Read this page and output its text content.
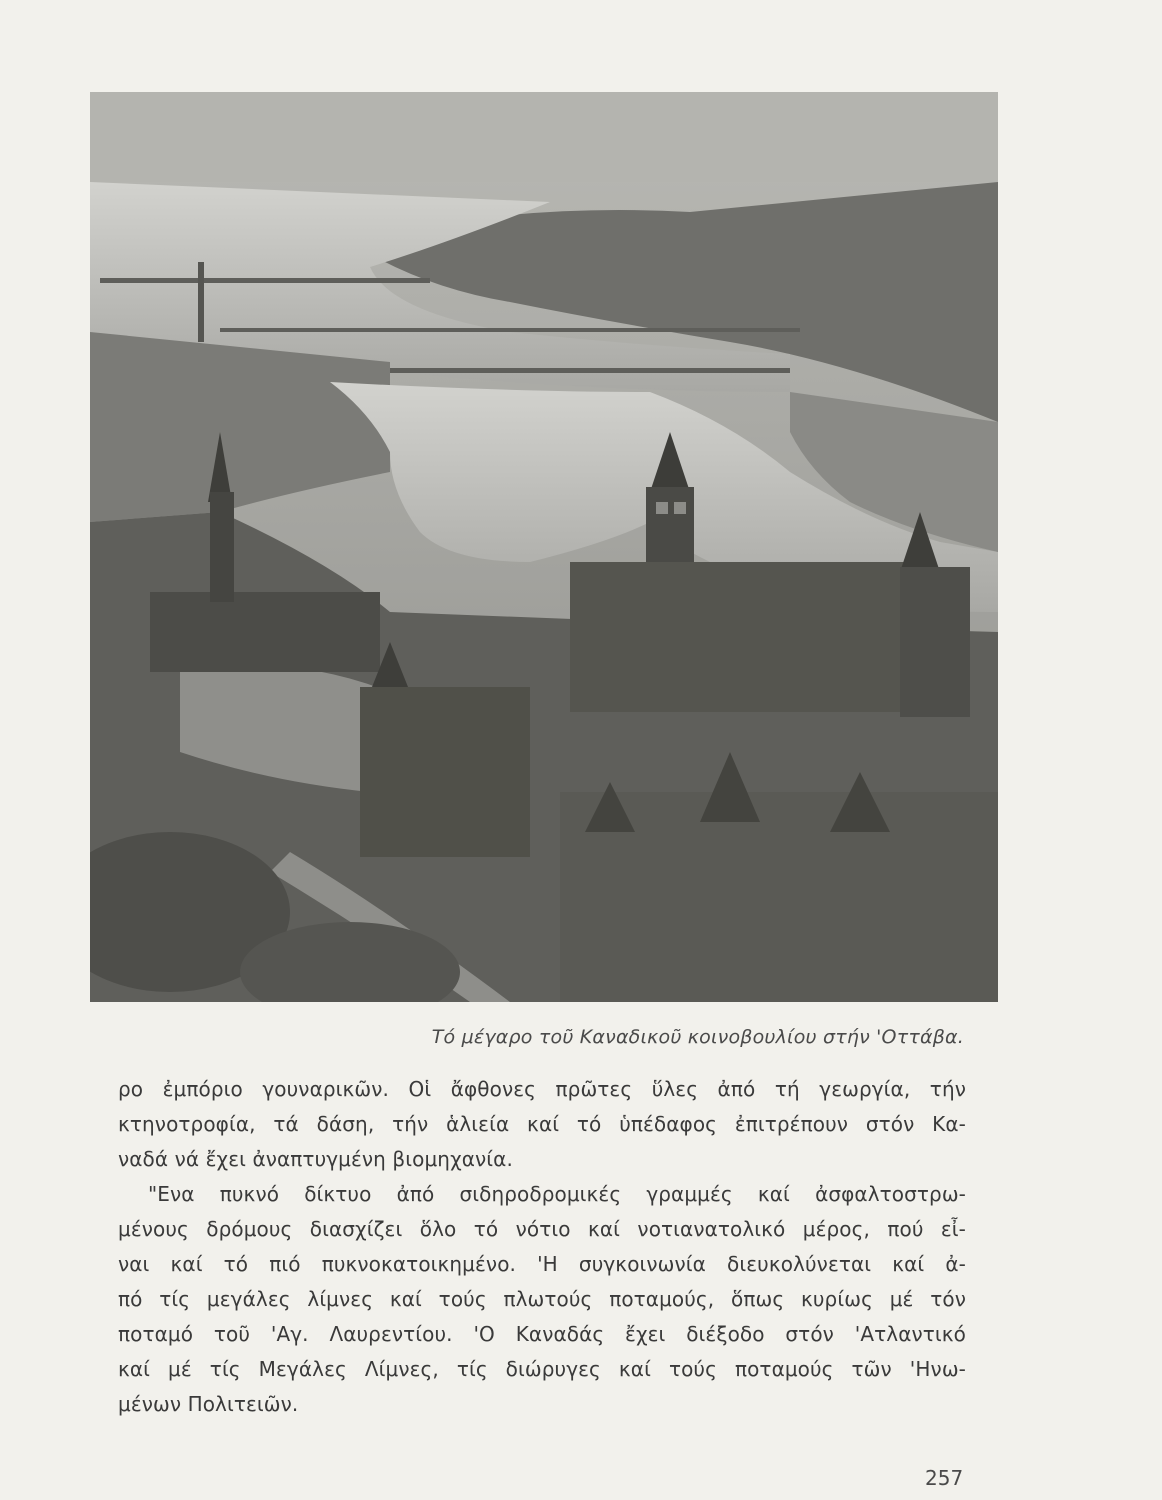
Τό μέγαρο τοῦ Καναδικοῦ κοινοβουλίου στήν 'Οττάβα.
ρο ἐμπόριο γουναρικῶν. Οἱ ἄφθονες πρῶτες ὕλες ἀπό τή γεωργία, τήν
κτηνοτροφία, τά δάση, τήν ἁλιεία καί τό ὑπέδαφος ἐπιτρέπουν στόν Κα-
ναδά νά ἔχει ἀναπτυγμένη βιομηχανία.
"Ενα πυκνό δίκτυο ἀπό σιδηροδρομικές γραμμές καί ἀσφαλτοστρω-
μένους δρόμους διασχίζει ὅλο τό νότιο καί νοτιανατολικό μέρος, πού εἶ-
ναι καί τό πιό πυκνοκατοικημένο. 'Η συγκοινωνία διευκολύνεται καί ἀ-
πό τίς μεγάλες λίμνες καί τούς πλωτούς ποταμούς, ὅπως κυρίως μέ τόν
ποταμό τοῦ 'Αγ. Λαυρεντίου. 'Ο Καναδάς ἔχει διέξοδο στόν 'Ατλαντικό
καί μέ τίς Μεγάλες Λίμνες, τίς διώρυγες καί τούς ποταμούς τῶν 'Ηνω-
μένων Πολιτειῶν.
257
